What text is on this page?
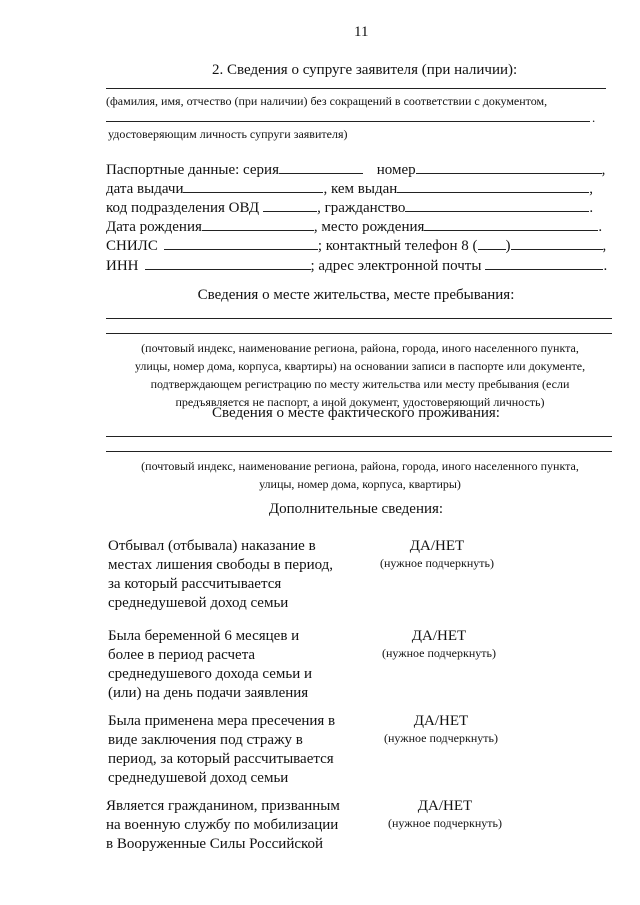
11
2. Сведения о супруге заявителя (при наличии):
(фамилия, имя, отчество (при наличии) без сокращений в соответствии с документом,
.
удостоверяющим личность супруги заявителя)
Паспортные данные: серия	номер	,
дата выдачи	, кем выдан	,
код подразделения ОВД	, гражданство	.
Дата рождения	, место рождения	.
СНИЛС	; контактный телефон 8 ( )	,
ИНН	; адрес электронной почты	.
Сведения о месте жительства, месте пребывания:
(почтовый индекс, наименование региона, района, города, иного населенного пункта,
улицы, номер дома, корпуса, квартиры) на основании записи в паспорте или документе,
подтверждающем регистрацию по месту жительства или месту пребывания (если
предъявляется не паспорт, а иной документ, удостоверяющий личность)
Сведения о месте фактического проживания:
(почтовый индекс, наименование региона, района, города, иного населенного пункта,
улицы, номер дома, корпуса, квартиры)
Дополнительные сведения:
Отбывал (отбывала) наказание в
местах лишения свободы в период,
за который рассчитывается
среднедушевой доход семьи
ДА/НЕТ
(нужное подчеркнуть)
Была беременной 6 месяцев и
более в период расчета
среднедушевого дохода семьи и
(или) на день подачи заявления
ДА/НЕТ
(нужное подчеркнуть)
Была применена мера пресечения в
виде заключения под стражу в
период, за который рассчитывается
среднедушевой доход семьи
ДА/НЕТ
(нужное подчеркнуть)
Является гражданином, призванным
на военную службу по мобилизации
в Вооруженные Силы Российской
ДА/НЕТ
(нужное подчеркнуть)
